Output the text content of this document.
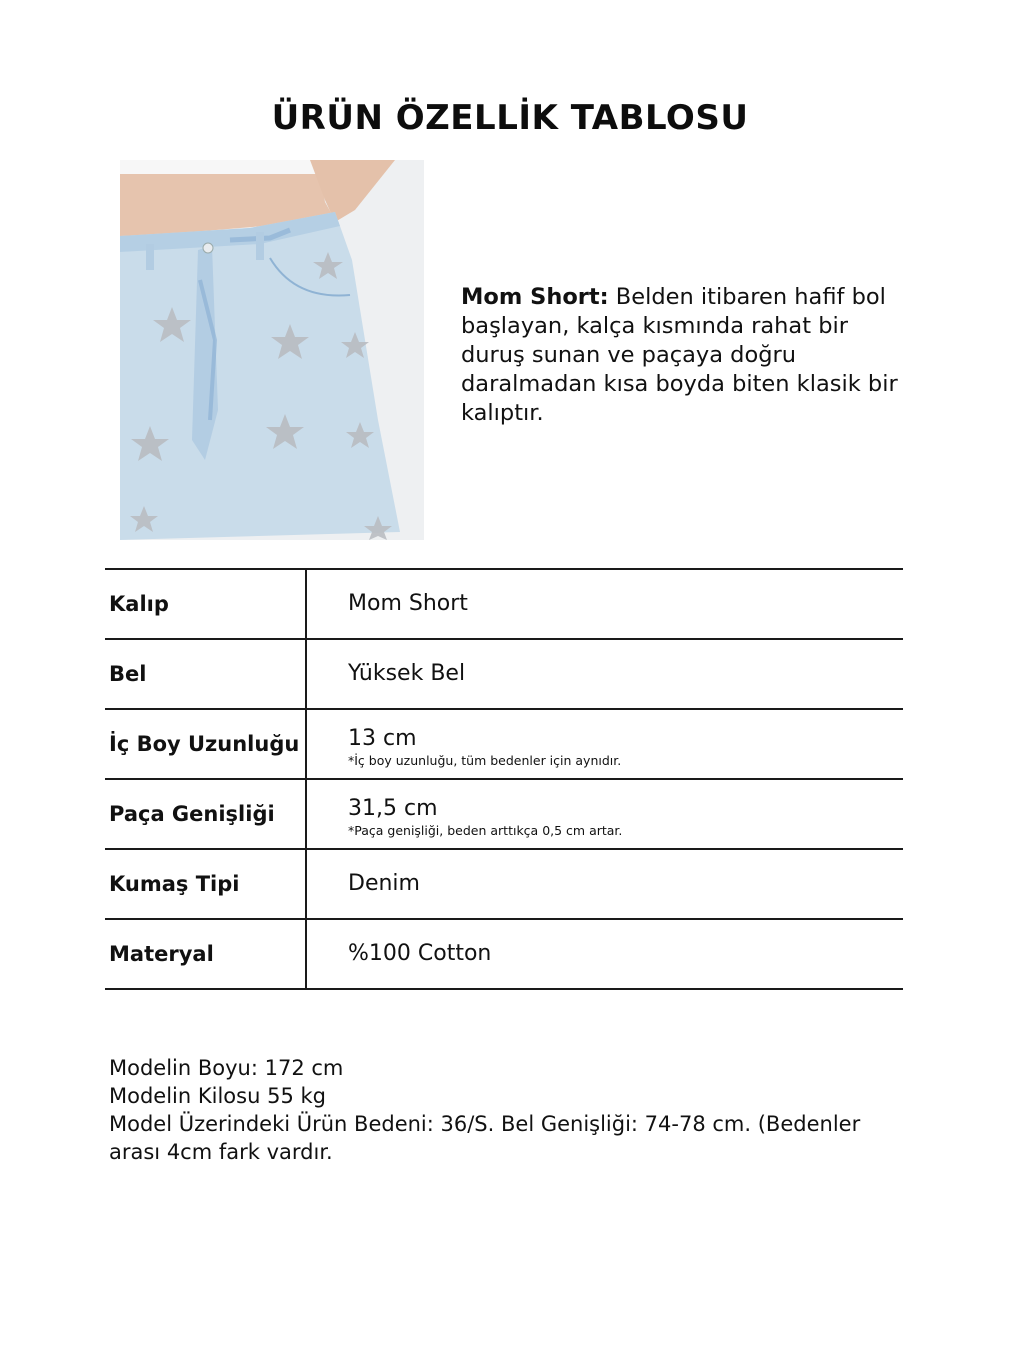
ÜRÜN ÖZELLİK TABLOSU

Mom Short: Belden itibaren hafif bol başlayan, kalça kısmında rahat bir duruş sunan ve paçaya doğru daralmadan kısa boyda biten klasik bir kalıptır.

Kalıp	Mom Short
Bel	Yüksek Bel
İç Boy Uzunluğu	13 cm
*İç boy uzunluğu, tüm bedenler için aynıdır.
Paça Genişliği	31,5 cm
*Paça genişliği, beden arttıkça 0,5 cm artar.
Kumaş Tipi	Denim
Materyal	%100 Cotton
Modelin Boyu: 172 cm
Modelin Kilosu 55 kg
Model Üzerindeki Ürün Bedeni: 36/S. Bel Genişliği: 74-78 cm. (Bedenler
arası 4cm fark vardır.
